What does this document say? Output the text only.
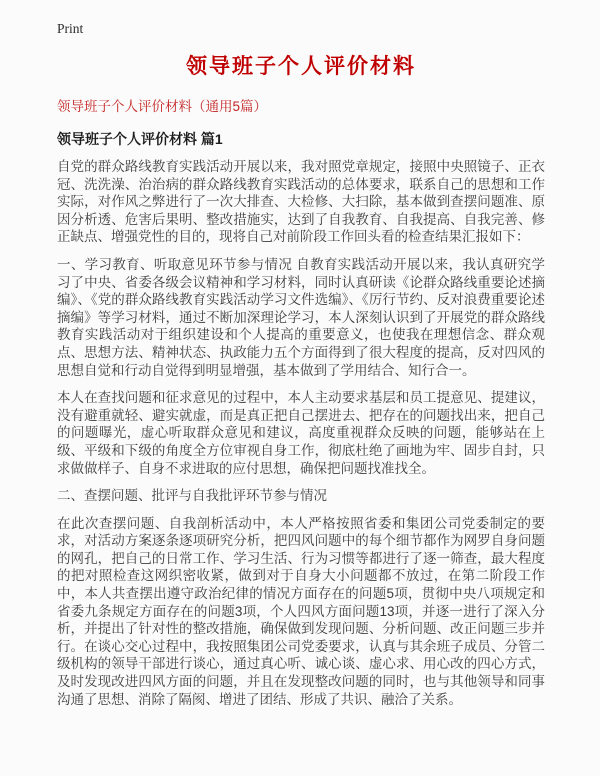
Print
领导班子个人评价材料
领导班子个人评价材料（通用5篇）
领导班子个人评价材料 篇1

自党的群众路线教育实践活动开展以来，我对照党章规定，接照中央照镜子、正衣冠、洗洗澡、治治病的群众路线教育实践活动的总体要求，联系自己的思想和工作实际，对作风之弊进行了一次大排查、大检修、大扫除，基本做到查摆问题准、原因分析透、危害后果明、整改措施实，达到了自我教育、自我提高、自我完善、修正缺点、增强党性的目的，现将自己对前阶段工作回头看的检查结果汇报如下：

一、学习教育、听取意见环节参与情况 自教育实践活动开展以来，我认真研究学习了中央、省委各级会议精神和学习材料，同时认真研读《论群众路线重要论述摘编》、《党的群众路线教育实践活动学习文件选编》、《厉行节约、反对浪费重要论述摘编》等学习材料，通过不断加深理论学习，本人深刻认识到了开展党的群众路线教育实践活动对于组织建设和个人提高的重要意义，也使我在理想信念、群众观点、思想方法、精神状态、执政能力五个方面得到了很大程度的提高，反对四风的思想自觉和行动自觉得到明显增强，基本做到了学用结合、知行合一。

本人在查找问题和征求意见的过程中，本人主动要求基层和员工提意见、提建议，没有避重就轻、避实就虚，而是真正把自己摆进去、把存在的问题找出来，把自己的问题曝光，虚心听取群众意见和建议，高度重视群众反映的问题，能够站在上级、平级和下级的角度全方位审视自身工作，彻底杜绝了画地为牢、固步自封，只求做做样子、自身不求进取的应付思想，确保把问题找准找全。

二、查摆问题、批评与自我批评环节参与情况

在此次查摆问题、自我剖析活动中，本人严格按照省委和集团公司党委制定的要求，对活动方案逐条逐项研究分析，把四风问题中的每个细节都作为网罗自身问题的网孔，把自己的日常工作、学习生活、行为习惯等都进行了逐一筛查，最大程度的把对照检查这网织密收紧，做到对于自身大小问题都不放过，在第二阶段工作中，本人共查摆出遵守政治纪律的情况方面存在的问题5项，贯彻中央八项规定和省委九条规定方面存在的问题3项，个人四风方面问题13项，并逐一进行了深入分析，并提出了针对性的整改措施，确保做到发现问题、分析问题、改正问题三步并行。在谈心交心过程中，我按照集团公司党委要求，认真与其余班子成员、分管二级机构的领导干部进行谈心，通过真心听、诚心谈、虚心求、用心改的四心方式，及时发现改进四风方面的问题，并且在发现整改问题的同时，也与其他领导和同事沟通了思想、消除了隔阂、增进了团结、形成了共识、融洽了关系。
